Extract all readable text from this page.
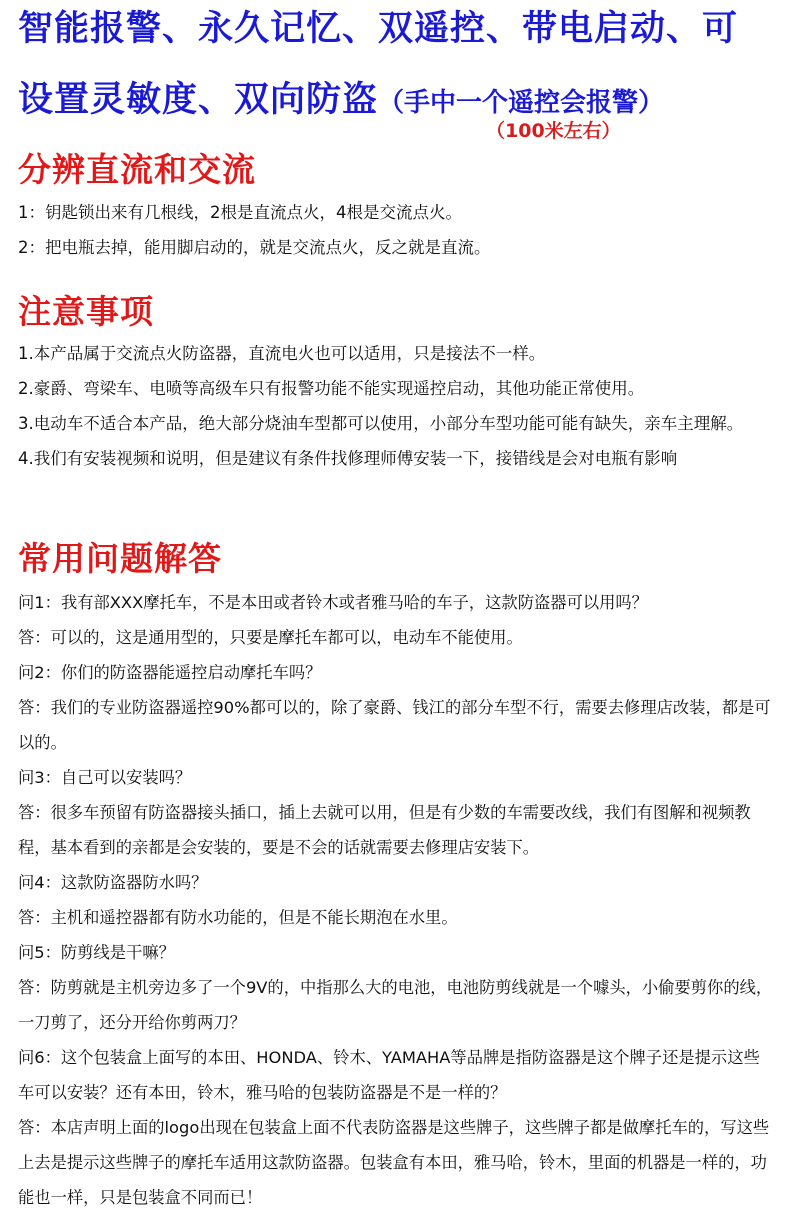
智能报警、永久记忆、双遥控、带电启动、可
设置灵敏度、双向防盗（手中一个遥控会报警）
（100米左右）
分辨直流和交流

1：钥匙锁出来有几根线，2根是直流点火，4根是交流点火。

2：把电瓶去掉，能用脚启动的，就是交流点火，反之就是直流。

注意事项

1.本产品属于交流点火防盗器，直流电火也可以适用，只是接法不一样。

2.豪爵、弯梁车、电喷等高级车只有报警功能不能实现遥控启动，其他功能正常使用。

3.电动车不适合本产品，绝大部分烧油车型都可以使用，小部分车型功能可能有缺失，亲车主理解。

4.我们有安装视频和说明，但是建议有条件找修理师傅安装一下，接错线是会对电瓶有影响

常用问题解答

问1：我有部XXX摩托车，不是本田或者铃木或者雅马哈的车子，这款防盗器可以用吗？

答：可以的，这是通用型的，只要是摩托车都可以，电动车不能使用。

问2：你们的防盗器能遥控启动摩托车吗？

答：我们的专业防盗器遥控90%都可以的，除了豪爵、钱江的部分车型不行，需要去修理店改装，都是可以的。

问3：自己可以安装吗？

答：很多车预留有防盗器接头插口，插上去就可以用，但是有少数的车需要改线，我们有图解和视频教程，基本看到的亲都是会安装的，要是不会的话就需要去修理店安装下。

问4：这款防盗器防水吗？

答：主机和遥控器都有防水功能的，但是不能长期泡在水里。

问5：防剪线是干嘛？

答：防剪就是主机旁边多了一个9V的，中指那么大的电池，电池防剪线就是一个噱头，小偷要剪你的线，一刀剪了，还分开给你剪两刀？

问6：这个包装盒上面写的本田、HONDA、铃木、YAMAHA等品牌是指防盗器是这个牌子还是提示这些车可以安装？还有本田，铃木，雅马哈的包装防盗器是不是一样的？

答：本店声明上面的logo出现在包装盒上面不代表防盗器是这些牌子，这些牌子都是做摩托车的，写这些上去是提示这些牌子的摩托车适用这款防盗器。包装盒有本田，雅马哈，铃木，里面的机器是一样的，功能也一样，只是包装盒不同而已！
